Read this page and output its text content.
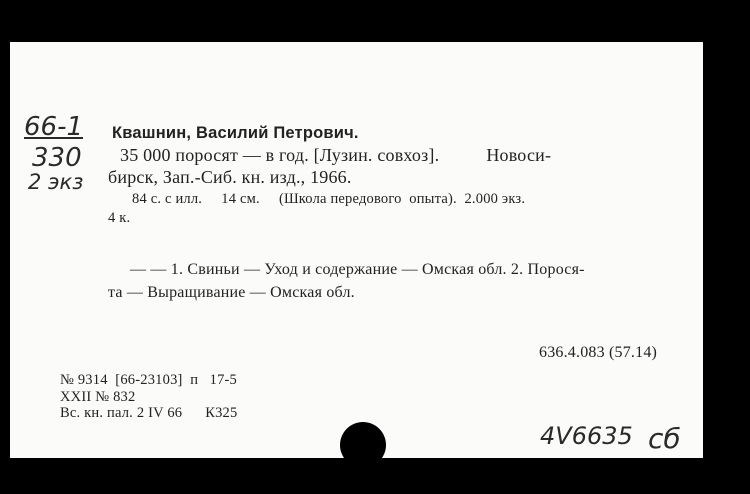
66-1
330
2 экз
Квашнин, Василий Петрович.
35 000 поросят — в год. [Лузин. совхоз].          Новоси-
бирск, Зап.-Сиб. кн. изд., 1966.
84 с. с илл.     14 см.     (Школа передового  опыта).  2.000 экз.
4 к.
— — 1. Свиньи — Уход и содержание — Омская обл. 2. Порося-
та — Выращивание — Омская обл.
636.4.083 (57.14)
№ 9314  [66-23103]  п   17-5
XXII № 832
Вс. кн. пал. 2 IV 66      К325
4V6635 сб
